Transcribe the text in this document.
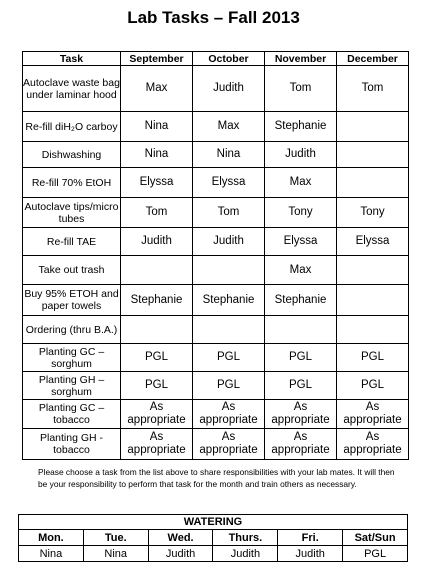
Lab Tasks – Fall 2013
Task	September	October	November	December
Autoclave waste bag under laminar hood	Max	Judith	Tom	Tom
Re-fill diH₂O carboy	Nina	Max	Stephanie	
Dishwashing	Nina	Nina	Judith	
Re-fill 70% EtOH	Elyssa	Elyssa	Max	
Autoclave tips/micro tubes	Tom	Tom	Tony	Tony
Re-fill TAE	Judith	Judith	Elyssa	Elyssa
Take out trash			Max	
Buy 95% ETOH and paper towels	Stephanie	Stephanie	Stephanie	
Ordering (thru B.A.)				
Planting GC – sorghum	PGL	PGL	PGL	PGL
Planting GH – sorghum	PGL	PGL	PGL	PGL
Planting GC – tobacco	As appropriate	As appropriate	As appropriate	As appropriate
Planting GH - tobacco	As appropriate	As appropriate	As appropriate	As appropriate

Please choose a task from the list above to share responsibilities with your lab mates. It will then be your responsibility to perform that task for the month and train others as necessary.

WATERING					
Mon.	Tue.	Wed.	Thurs.	Fri.	Sat/Sun
Nina	Nina	Judith	Judith	Judith	PGL
